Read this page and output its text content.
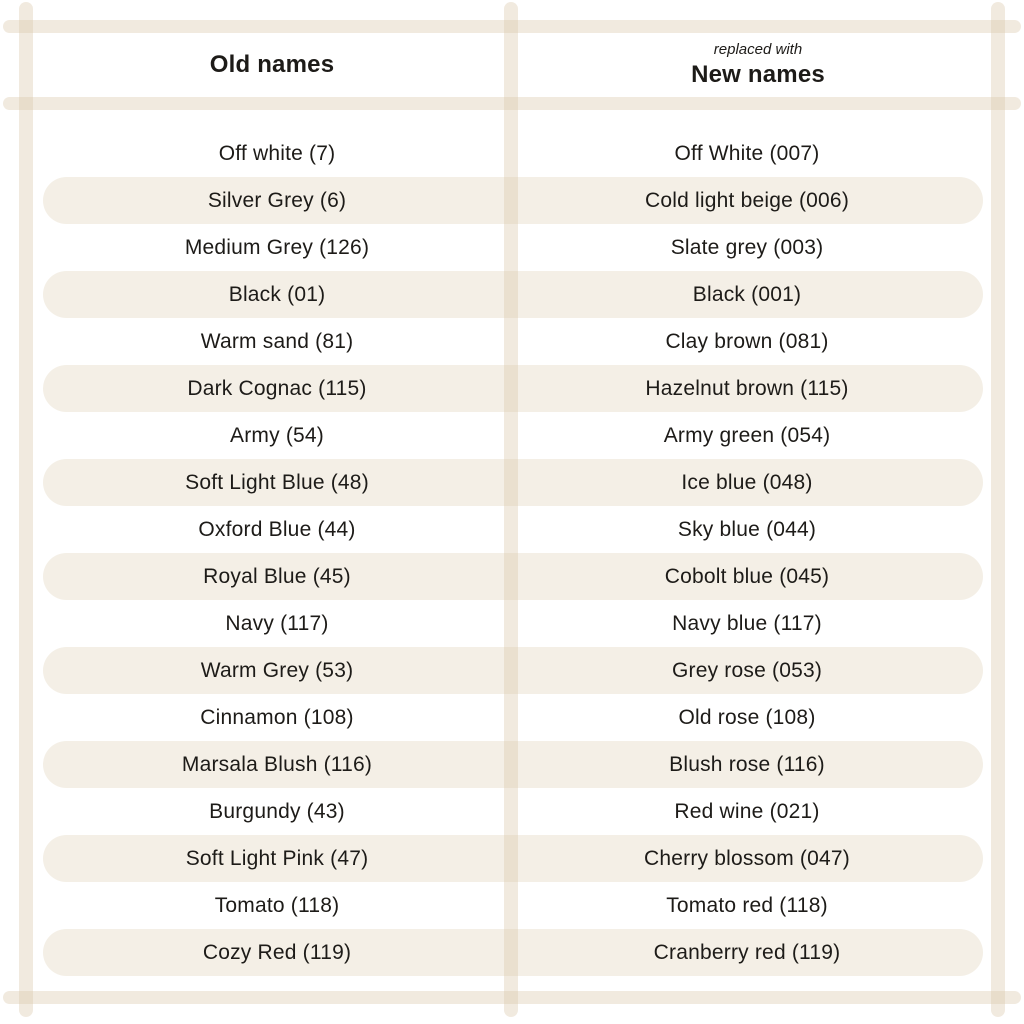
Old names
replaced with
New names
Off white (7)	Off White (007)
Silver Grey (6)	Cold light beige (006)
Medium Grey (126)	Slate grey (003)
Black (01)	Black (001)
Warm sand (81)	Clay brown (081)
Dark Cognac (115)	Hazelnut brown (115)
Army (54)	Army green (054)
Soft Light Blue (48)	Ice blue (048)
Oxford Blue (44)	Sky blue (044)
Royal Blue (45)	Cobolt blue (045)
Navy (117)	Navy blue (117)
Warm Grey (53)	Grey rose (053)
Cinnamon (108)	Old rose (108)
Marsala Blush (116)	Blush rose (116)
Burgundy (43)	Red wine (021)
Soft Light Pink (47)	Cherry blossom (047)
Tomato (118)	Tomato red (118)
Cozy Red (119)	Cranberry red (119)
